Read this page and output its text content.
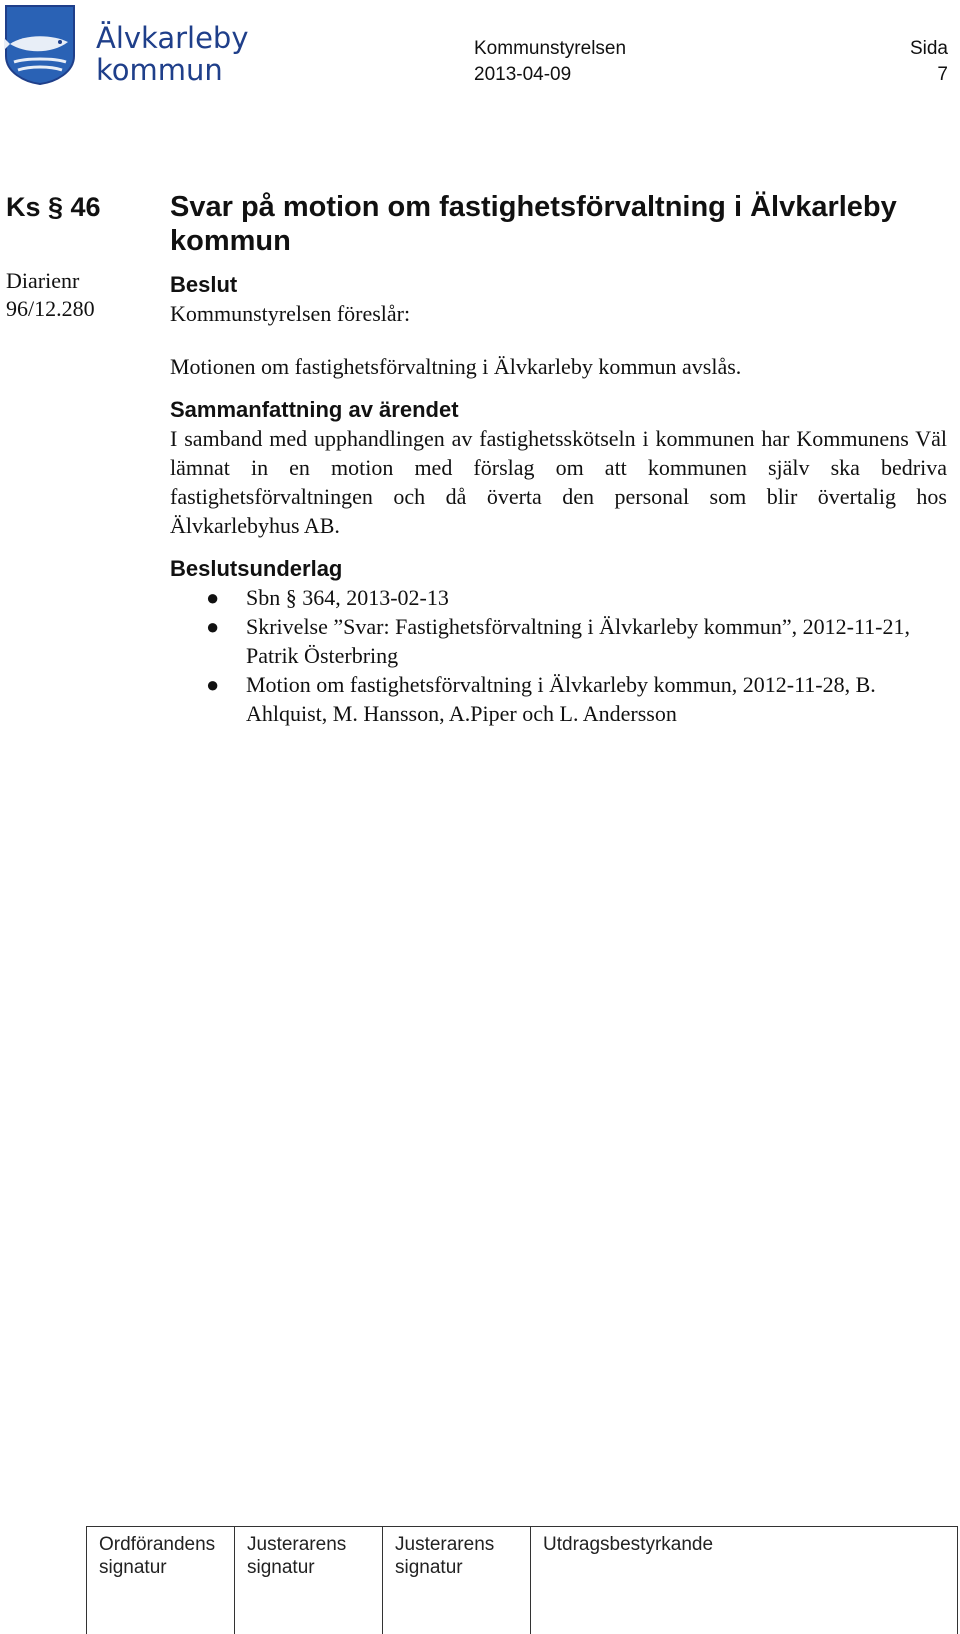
Älvkarleby
kommun
Kommunstyrelsen
2013-04-09
Sida
7
Ks § 46
Diarienr
96/12.280
Svar på motion om fastighetsförvaltning i Älvkarleby kommun
Beslut

Kommunstyrelsen föreslår:

Motionen om fastighetsförvaltning i Älvkarleby kommun avslås.

Sammanfattning av ärendet

I samband med upphandlingen av fastighetsskötseln i kommunen har Kommunens Väl lämnat in en motion med förslag om att kommunen själv ska bedriva fastighetsförvaltningen och då överta den personal som blir övertalig hos Älvkarlebyhus AB.

Beslutsunderlag
● Sbn § 364, 2013-02-13
● Skrivelse ”Svar: Fastighetsförvaltning i Älvkarleby kommun”, 2012-11-21, Patrik Österbring
● Motion om fastighetsförvaltning i Älvkarleby kommun, 2012-11-28, B. Ahlquist, M. Hansson, A.Piper och L. Andersson
Ordförandens
signatur
Justerarens
signatur
Justerarens
signatur
Utdragsbestyrkande
